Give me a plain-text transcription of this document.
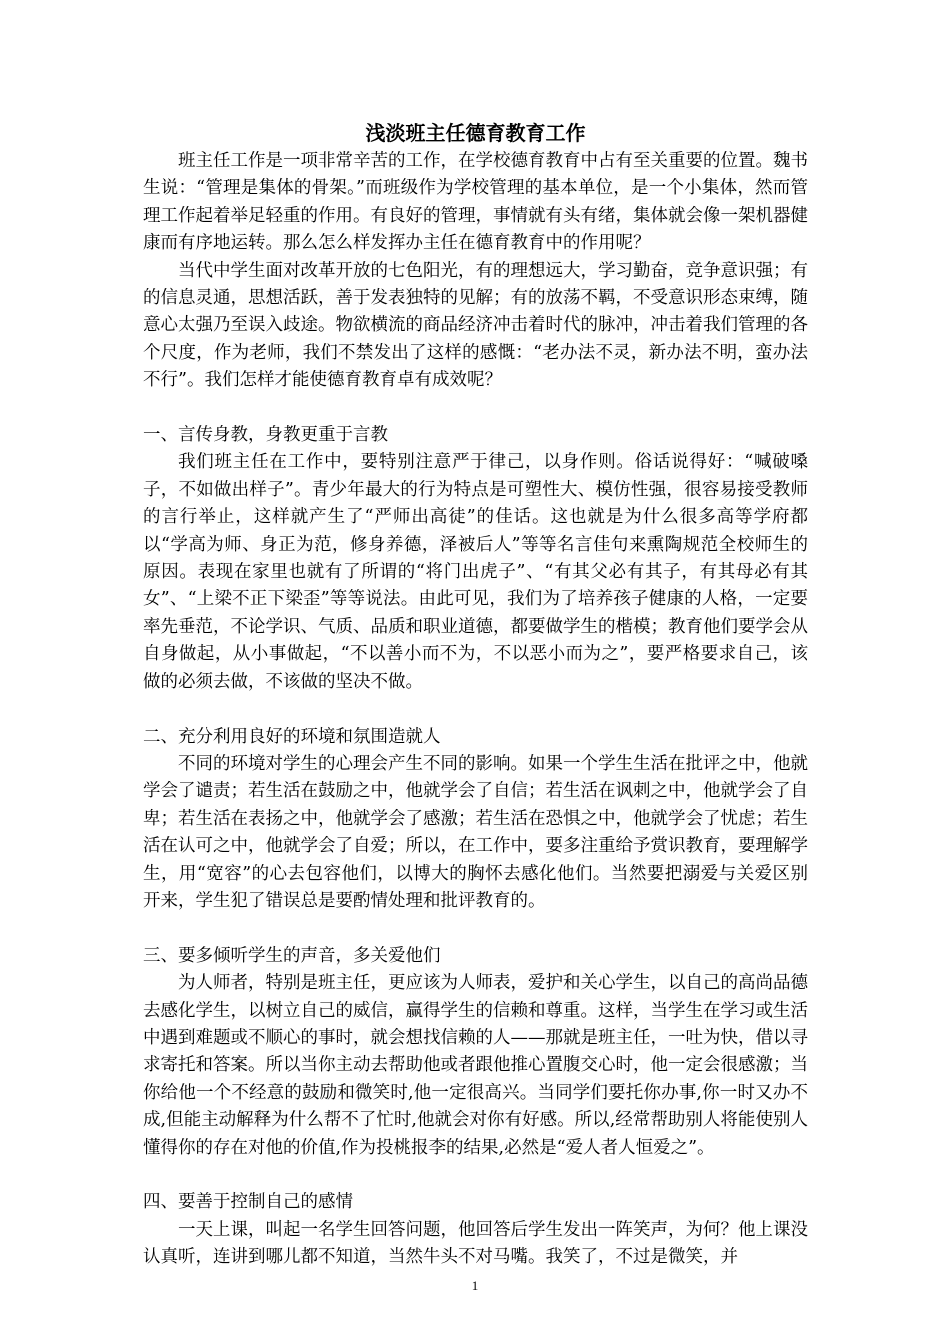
浅淡班主任德育教育工作

班主任工作是一项非常辛苦的工作，在学校德育教育中占有至关重要的位置。魏书生说：“管理是集体的骨架。”而班级作为学校管理的基本单位，是一个小集体，然而管理工作起着举足轻重的作用。有良好的管理，事情就有头有绪，集体就会像一架机器健康而有序地运转。那么怎么样发挥办主任在德育教育中的作用呢？

当代中学生面对改革开放的七色阳光，有的理想远大，学习勤奋，竞争意识强；有的信息灵通，思想活跃，善于发表独特的见解；有的放荡不羁，不受意识形态束缚，随意心太强乃至误入歧途。物欲横流的商品经济冲击着时代的脉冲，冲击着我们管理的各个尺度，作为老师，我们不禁发出了这样的感慨：“老办法不灵，新办法不明，蛮办法不行”。我们怎样才能使德育教育卓有成效呢？

一、言传身教，身教更重于言教

我们班主任在工作中，要特别注意严于律己，以身作则。俗话说得好：“喊破嗓子，不如做出样子”。青少年最大的行为特点是可塑性大、模仿性强，很容易接受教师的言行举止，这样就产生了“严师出高徒”的佳话。这也就是为什么很多高等学府都以“学高为师、身正为范，修身养德，泽被后人”等等名言佳句来熏陶规范全校师生的原因。表现在家里也就有了所谓的“将门出虎子”、“有其父必有其子，有其母必有其女”、“上梁不正下梁歪”等等说法。由此可见，我们为了培养孩子健康的人格，一定要率先垂范，不论学识、气质、品质和职业道德，都要做学生的楷模；教育他们要学会从自身做起，从小事做起，“不以善小而不为，不以恶小而为之”，要严格要求自己，该做的必须去做，不该做的坚决不做。

二、充分利用良好的环境和氛围造就人

不同的环境对学生的心理会产生不同的影响。如果一个学生生活在批评之中，他就学会了谴责；若生活在鼓励之中，他就学会了自信；若生活在讽刺之中，他就学会了自卑；若生活在表扬之中，他就学会了感激；若生活在恐惧之中，他就学会了忧虑；若生活在认可之中，他就学会了自爱；所以，在工作中，要多注重给予赏识教育，要理解学生，用“宽容”的心去包容他们，以博大的胸怀去感化他们。当然要把溺爱与关爱区别开来，学生犯了错误总是要酌情处理和批评教育的。

三、要多倾听学生的声音，多关爱他们

为人师者，特别是班主任，更应该为人师表，爱护和关心学生，以自己的高尚品德去感化学生，以树立自己的威信，赢得学生的信赖和尊重。这样，当学生在学习或生活中遇到难题或不顺心的事时，就会想找信赖的人——那就是班主任，一吐为快，借以寻求寄托和答案。所以当你主动去帮助他或者跟他推心置腹交心时，他一定会很感激；当你给他一个不经意的鼓励和微笑时,他一定很高兴。当同学们要托你办事,你一时又办不成,但能主动解释为什么帮不了忙时,他就会对你有好感。所以,经常帮助别人将能使别人懂得你的存在对他的价值,作为投桃报李的结果,必然是“爱人者人恒爱之”。

四、要善于控制自己的感情

一天上课，叫起一名学生回答问题，他回答后学生发出一阵笑声，为何？他上课没认真听，连讲到哪儿都不知道，当然牛头不对马嘴。我笑了，不过是微笑，并

1
